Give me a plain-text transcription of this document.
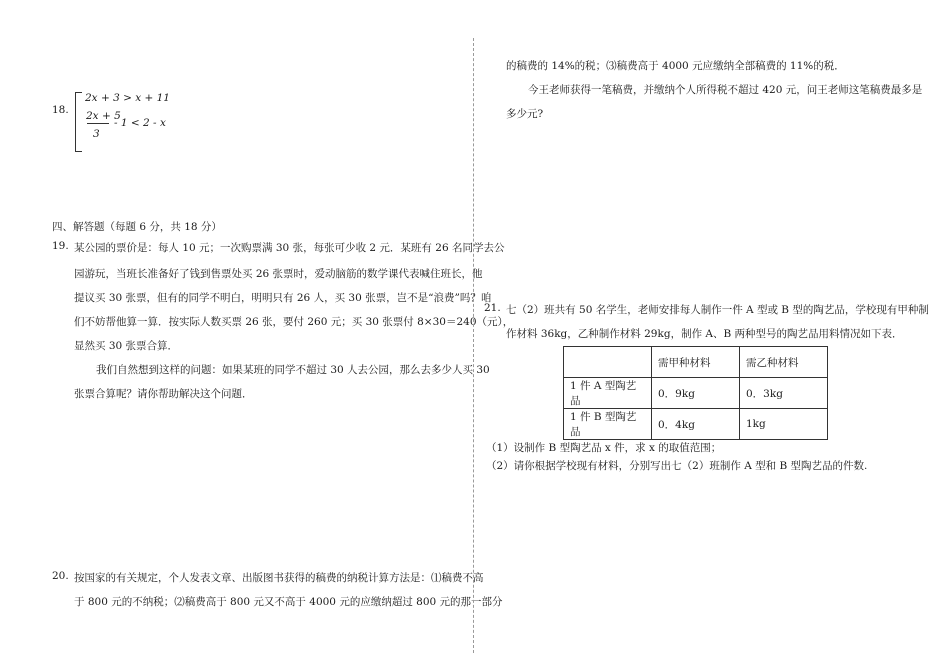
18.
2x + 3 > x + 11
2x + 5
- 1 < 2 - x
3
四、解答题（每题 6 分，共 18 分）
19. 某公园的票价是：每人 10 元；一次购票满 30 张，每张可少收 2 元．某班有 26 名同学去公
园游玩，当班长准备好了钱到售票处买 26 张票时，爱动脑筋的数学课代表喊住班长，他
提议买 30 张票，但有的同学不明白，明明只有 26 人，买 30 张票，岂不是“浪费”吗？咱
们不妨帮他算一算．按实际人数买票 26 张，要付 260 元；买 30 张票付 8×30＝240（元），
显然买 30 张票合算．
我们自然想到这样的问题：如果某班的同学不超过 30 人去公园，那么去多少人买 30
张票合算呢？请你帮助解决这个问题．
20. 按国家的有关规定，个人发表文章、出版图书获得的稿费的纳税计算方法是：⑴稿费不高
于 800 元的不纳税；⑵稿费高于 800 元又不高于 4000 元的应缴纳超过 800 元的那一部分
的稿费的 14%的税；⑶稿费高于 4000 元应缴纳全部稿费的 11%的税．
今王老师获得一笔稿费，并缴纳个人所得税不超过 420 元，问王老师这笔稿费最多是
多少元?
21. 七（2）班共有 50 名学生，老师安排每人制作一件 A 型或 B 型的陶艺品，学校现有甲种制
作材料 36kg，乙种制作材料 29kg，制作 A、B 两种型号的陶艺品用料情况如下表．
	需甲种材料	需乙种材料
1 件 A 型陶艺品	0．9kg	0．3kg
1 件 B 型陶艺品	0．4kg	1kg
（1）设制作 B 型陶艺品 x 件，求 x 的取值范围；
（2）请你根据学校现有材料，分别写出七（2）班制作 A 型和 B 型陶艺品的件数.
